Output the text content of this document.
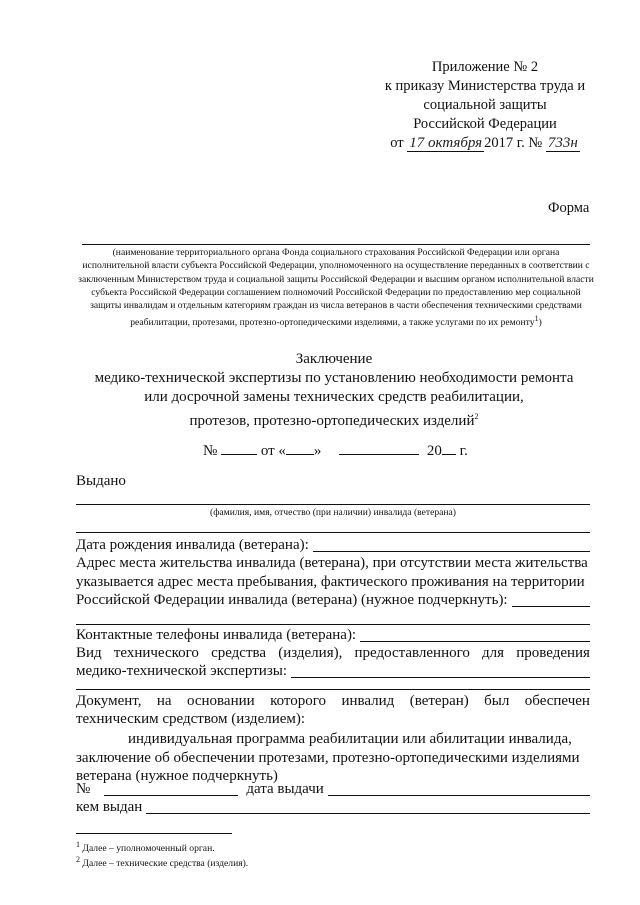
Приложение № 2
к приказу Министерства труда и
социальной защиты
Российской Федерации
от 17 октября 2017 г. № 733н
Форма
(наименование территориального органа Фонда социального страхования Российской Федерации или органа исполнительной власти субъекта Российской Федерации, уполномоченного на осуществление переданных в соответствии с заключенным Министерством труда и социальной защиты Российской Федерации и высшим органом исполнительной власти субъекта Российской Федерации соглашением полномочий Российской Федерации по предоставлению мер социальной защиты инвалидам и отдельным категориям граждан из числа ветеранов в части обеспечения техническими средствами реабилитации, протезами, протезно-ортопедическими изделиями, а также услугами по их ремонту$^1$)
Заключение
медико-технической экспертизы по установлению необходимости ремонта
или досрочной замены технических средств реабилитации,
протезов, протезно-ортопедических изделий$^2$
№	от « »	20 г.
Выдано
(фамилия, имя, отчество (при наличии) инвалида (ветерана)
Дата рождения инвалида (ветерана):
Адрес места жительства инвалида (ветерана), при отсутствии места жительства
указывается адрес места пребывания, фактического проживания на территории
Российской Федерации инвалида (ветерана) (нужное подчеркнуть):
Контактные телефоны инвалида (ветерана):
Вид технического средства (изделия), предоставленного для проведения
медико-технической экспертизы:
Документ, на основании которого инвалид (ветеран) был обеспечен
техническим средством (изделием):
индивидуальная программа реабилитации или абилитации инвалида,
заключение об обеспечении протезами, протезно-ортопедическими изделиями
ветерана (нужное подчеркнуть)
№	дата выдачи
кем выдан
$^1$ Далее – уполномоченный орган.
$^2$ Далее – технические средства (изделия).
